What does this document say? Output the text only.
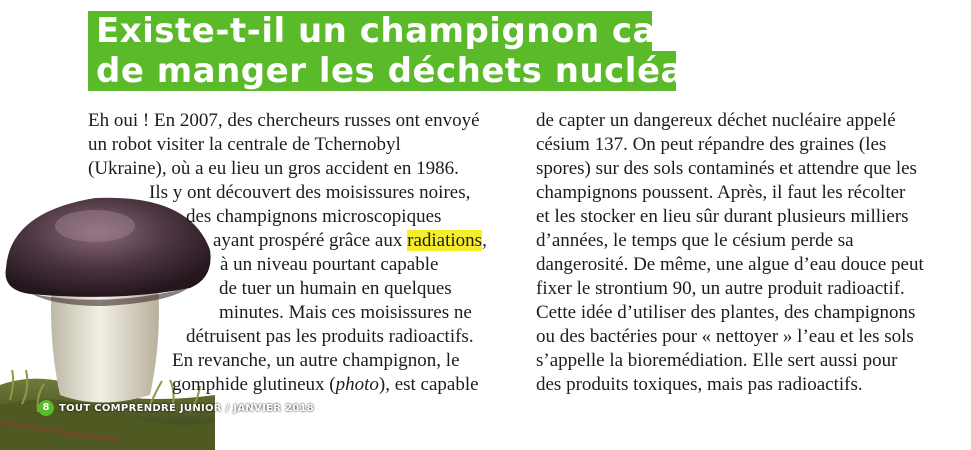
Existe-t-il un champignon capable
de manger les déchets nucléaires ?
Eh oui ! En 2007, des chercheurs russes ont envoyé
un robot visiter la centrale de Tchernobyl
(Ukraine), où a eu lieu un gros accident en 1986.
Ils y ont découvert des moisissures noires,
des champignons microscopiques
ayant prospéré grâce aux radiations,
à un niveau pourtant capable
de tuer un humain en quelques
minutes. Mais ces moisissures ne
détruisent pas les produits radioactifs.
En revanche, un autre champignon, le
gomphide glutineux (photo), est capable
de capter un dangereux déchet nucléaire appelé
césium 137. On peut répandre des graines (les
spores) sur des sols contaminés et attendre que les
champignons poussent. Après, il faut les récolter
et les stocker en lieu sûr durant plusieurs milliers
d’années, le temps que le césium perde sa
dangerosité. De même, une algue d’eau douce peut
fixer le strontium 90, un autre produit radioactif.
Cette idée d’utiliser des plantes, des champignons
ou des bactéries pour « nettoyer » l’eau et les sols
s’appelle la bioremédiation. Elle sert aussi pour
des produits toxiques, mais pas radioactifs.
8 TOUT COMPRENDRE JUNIOR / JANVIER 2018
